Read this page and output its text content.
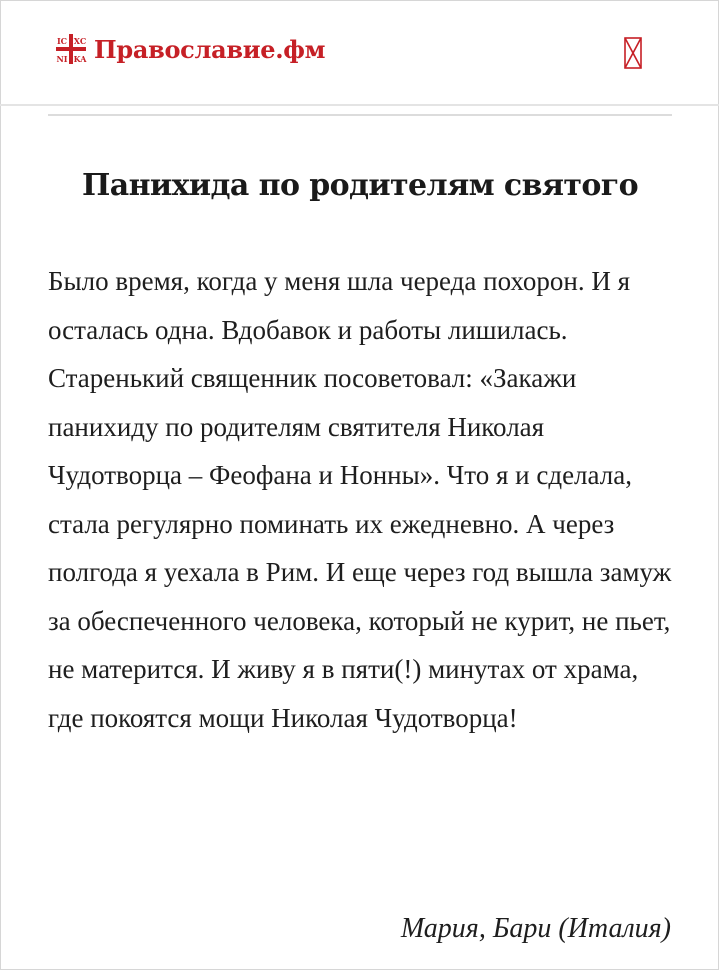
IC XC
NI KA Православие.фм
Панихида по родителям святого

Было время, когда у меня шла череда похорон. И я осталась одна. Вдобавок и работы лишилась. Старенький священник посоветовал: «Закажи панихиду по родителям святителя Николая Чудотворца – Феофана и Нонны». Что я и сделала, стала регулярно поминать их ежедневно. А через полгода я уехала в Рим. И еще через год вышла замуж за обеспеченного человека, который не курит, не пьет, не матерится. И живу я в пяти(!) минутах от храма, где покоятся мощи Николая Чудотворца!

Мария, Бари (Италия)
